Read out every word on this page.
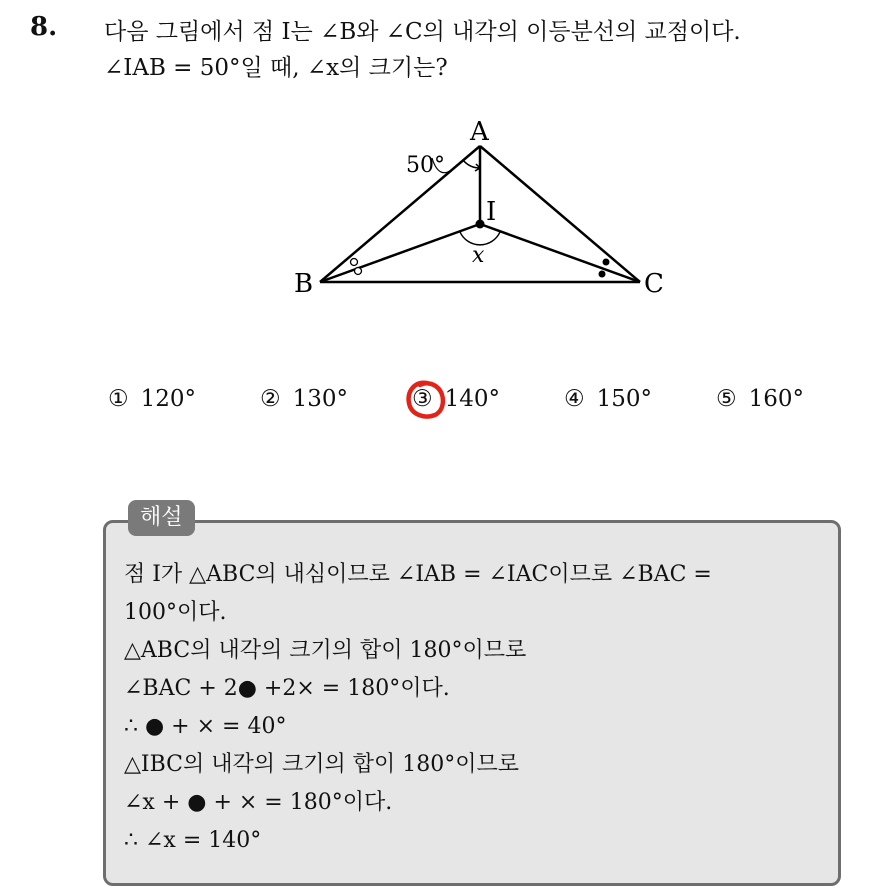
8. 다음 그림에서 점 I는 ∠B와 ∠C의 내각의 이등분선의 교점이다.
∠IAB = 50°일 때, ∠x의 크기는?
A
B	C
I
50°
x
① 120°	② 130°	③ 140°	④ 150°	⑤ 160°
해설
점 I가 △ABC의 내심이므로 ∠IAB = ∠IAC이므로 ∠BAC =
100°이다.
△ABC의 내각의 크기의 합이 180°이므로
∠BAC + 2● +2× = 180°이다.
∴ ● + × = 40°
△IBC의 내각의 크기의 합이 180°이므로
∠x + ● + × = 180°이다.
∴ ∠x = 140°
